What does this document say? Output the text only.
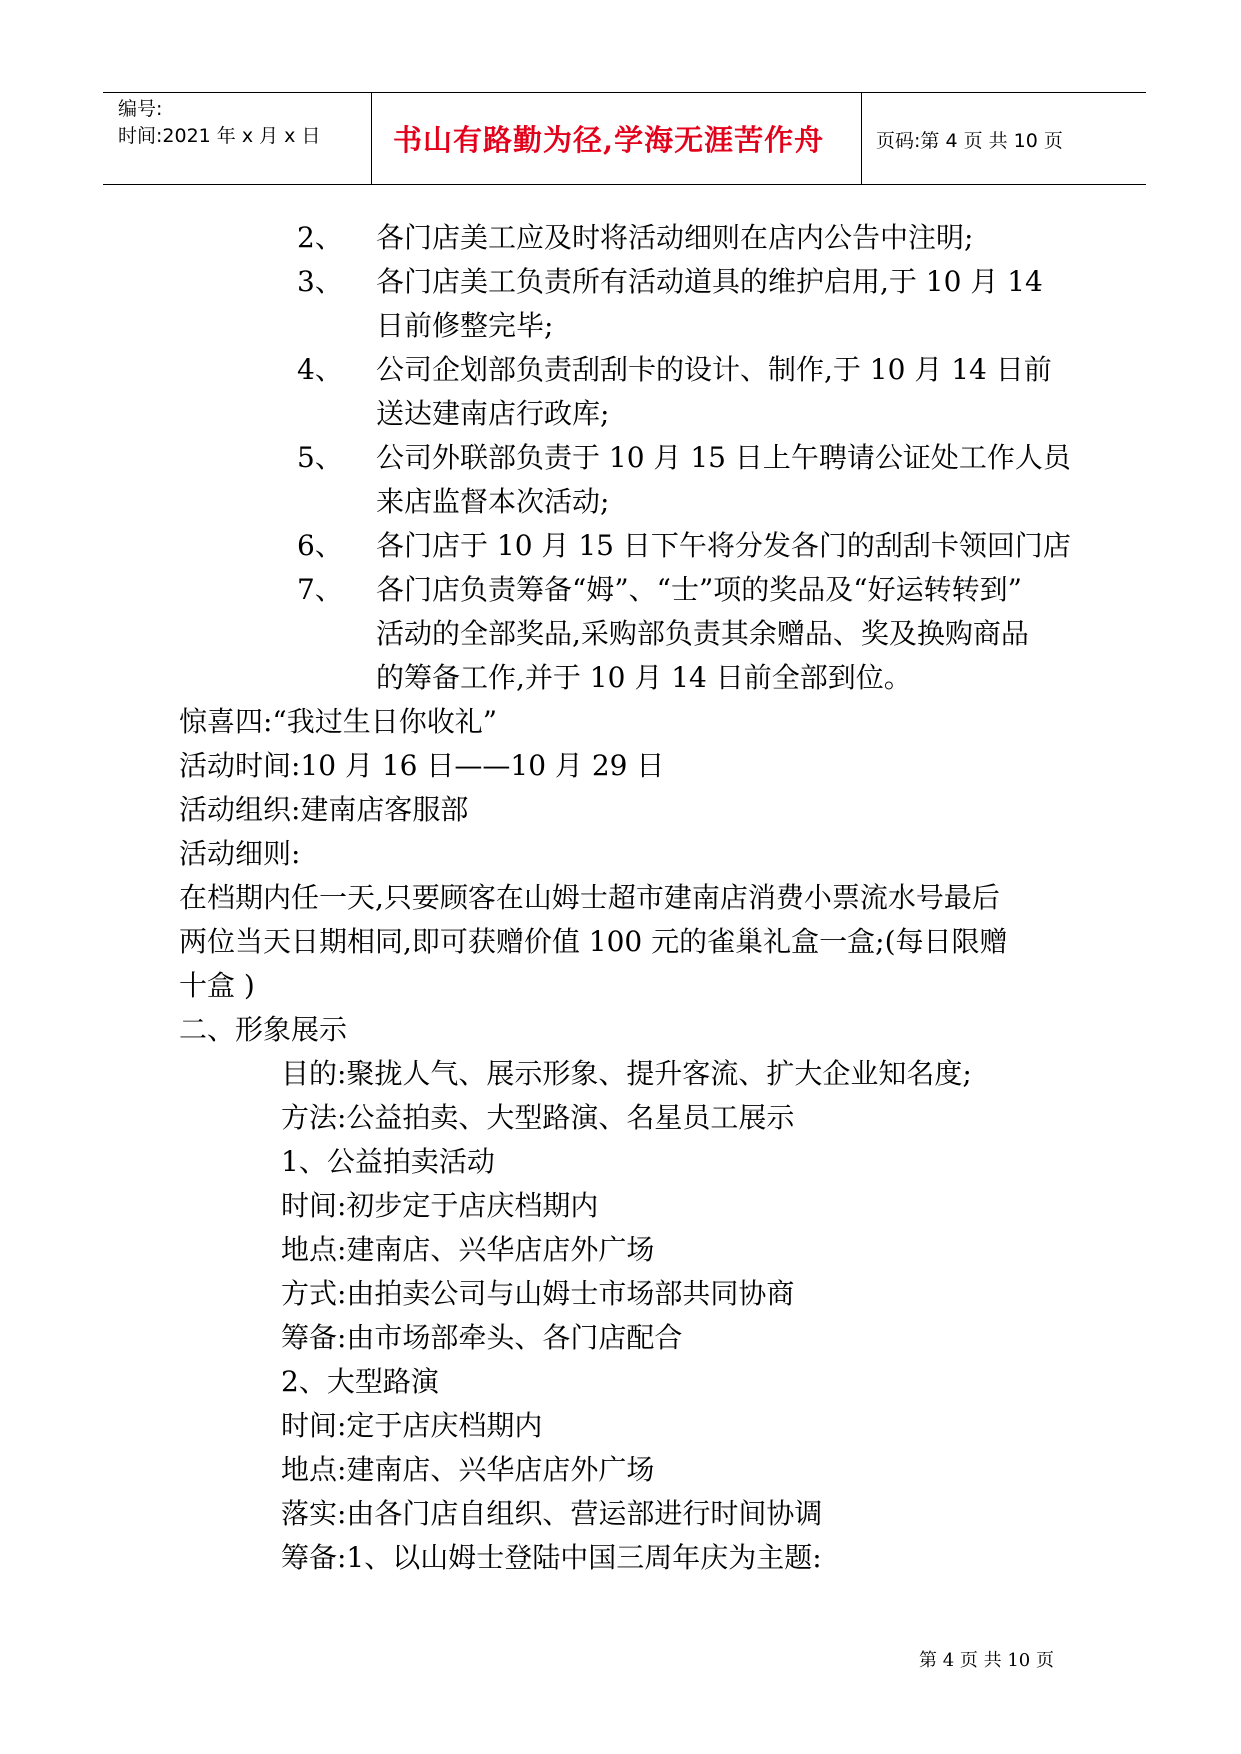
编号:
时间:2021 年 x 月 x 日	书山有路勤为径,学海无涯苦作舟	页码:第 4 页 共 10 页
2、 各门店美工应及时将活动细则在店内公告中注明;
3、 各门店美工负责所有活动道具的维护启用,于 10 月 14
日前修整完毕;
4、 公司企划部负责刮刮卡的设计、制作,于 10 月 14 日前
送达建南店行政库;
5、 公司外联部负责于 10 月 15 日上午聘请公证处工作人员
来店监督本次活动;
6、 各门店于 10 月 15 日下午将分发各门的刮刮卡领回门店
7、 各门店负责筹备“姆”、“士”项的奖品及“好运转转到”
活动的全部奖品,采购部负责其余赠品、奖及换购商品
的筹备工作,并于 10 月 14 日前全部到位。
惊喜四:“我过生日你收礼”
活动时间:10 月 16 日——10 月 29 日
活动组织:建南店客服部
活动细则:
在档期内任一天,只要顾客在山姆士超市建南店消费小票流水号最后
两位当天日期相同,即可获赠价值 100 元的雀巢礼盒一盒;(每日限赠
十盒 )
二、形象展示
目的:聚拢人气、展示形象、提升客流、扩大企业知名度;
方法:公益拍卖、大型路演、名星员工展示
1、公益拍卖活动
时间:初步定于店庆档期内
地点:建南店、兴华店店外广场
方式:由拍卖公司与山姆士市场部共同协商
筹备:由市场部牵头、各门店配合
2、大型路演
时间:定于店庆档期内
地点:建南店、兴华店店外广场
落实:由各门店自组织、营运部进行时间协调
筹备:1、以山姆士登陆中国三周年庆为主题:
第 4 页 共 10 页
